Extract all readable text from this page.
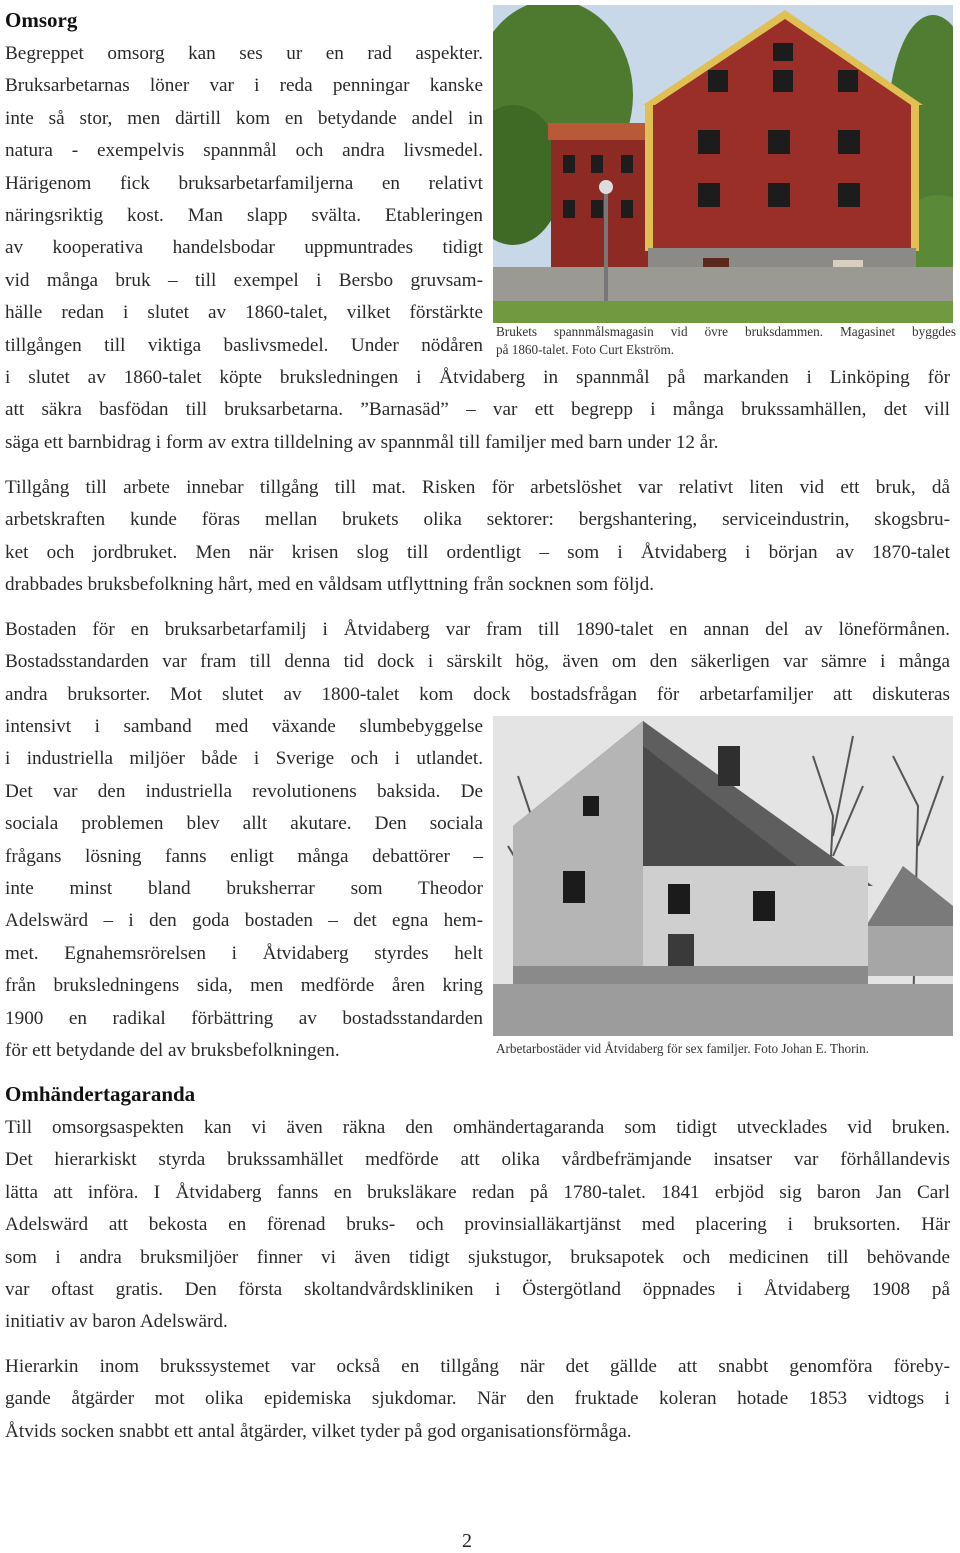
Omsorg
Begreppet omsorg kan ses ur en rad aspekter.
Bruksarbetarnas löner var i reda penningar kanske
inte så stor, men därtill kom en betydande andel in
natura - exempelvis spannmål och andra livsmedel.
Härigenom fick bruksarbetarfamiljerna en relativt
näringsriktig kost. Man slapp svälta. Etableringen
av kooperativa handelsbodar uppmuntrades tidigt
vid många bruk – till exempel i Bersbo gruvsam-
hälle redan i slutet av 1860-talet, vilket förstärkte
tillgången till viktiga baslivsmedel. Under nödåren
i slutet av 1860-talet köpte bruksledningen i Åtvidaberg in spannmål på markanden i Linköping för
att säkra basfödan till bruksarbetarna. ”Barnasäd” – var ett begrepp i många brukssamhällen, det vill
säga ett barnbidrag i form av extra tilldelning av spannmål till familjer med barn under 12 år.
Tillgång till arbete innebar tillgång till mat. Risken för arbetslöshet var relativt liten vid ett bruk, då
arbetskraften kunde föras mellan brukets olika sektorer: bergshantering, serviceindustrin, skogsbru-
ket och jordbruket. Men när krisen slog till ordentligt – som i Åtvidaberg i början av 1870-talet
drabbades bruksbefolkning hårt, med en våldsam utflyttning från socknen som följd.
Bostaden för en bruksarbetarfamilj i Åtvidaberg var fram till 1890-talet en annan del av löneförmånen.
Bostadsstandarden var fram till denna tid dock i särskilt hög, även om den säkerligen var sämre i många
andra bruksorter. Mot slutet av 1800-talet kom dock bostadsfrågan för arbetarfamiljer att diskuteras
intensivt i samband med växande slumbebyggelse
i industriella miljöer både i Sverige och i utlandet.
Det var den industriella revolutionens baksida. De
sociala problemen blev allt akutare. Den sociala
frågans lösning fanns enligt många debattörer –
inte minst bland bruksherrar som Theodor
Adelswärd – i den goda bostaden – det egna hem-
met. Egnahemsrörelsen i Åtvidaberg styrdes helt
från bruksledningens sida, men medförde åren kring
1900 en radikal förbättring av bostadsstandarden
för ett betydande del av bruksbefolkningen.
Brukets spannmålsmagasin vid övre bruksdammen. Magasinet byggdes
på 1860-talet. Foto Curt Ekström.
Arbetarbostäder vid Åtvidaberg för sex familjer. Foto Johan E. Thorin.
Omhändertagaranda
Till omsorgsaspekten kan vi även räkna den omhändertagaranda som tidigt utvecklades vid bruken.
Det hierarkiskt styrda brukssamhället medförde att olika vårdbefrämjande insatser var förhållandevis
lätta att införa. I Åtvidaberg fanns en bruksläkare redan på 1780-talet. 1841 erbjöd sig baron Jan Carl
Adelswärd att bekosta en förenad bruks- och provinsialläkartjänst med placering i bruksorten. Här
som i andra bruksmiljöer finner vi även tidigt sjukstugor, bruksapotek och medicinen till behövande
var oftast gratis. Den första skoltandvårdskliniken i Östergötland öppnades i Åtvidaberg 1908 på
initiativ av baron Adelswärd.
Hierarkin inom brukssystemet var också en tillgång när det gällde att snabbt genomföra föreby-
gande åtgärder mot olika epidemiska sjukdomar. När den fruktade koleran hotade 1853 vidtogs i
Åtvids socken snabbt ett antal åtgärder, vilket tyder på god organisationsförmåga.
2
